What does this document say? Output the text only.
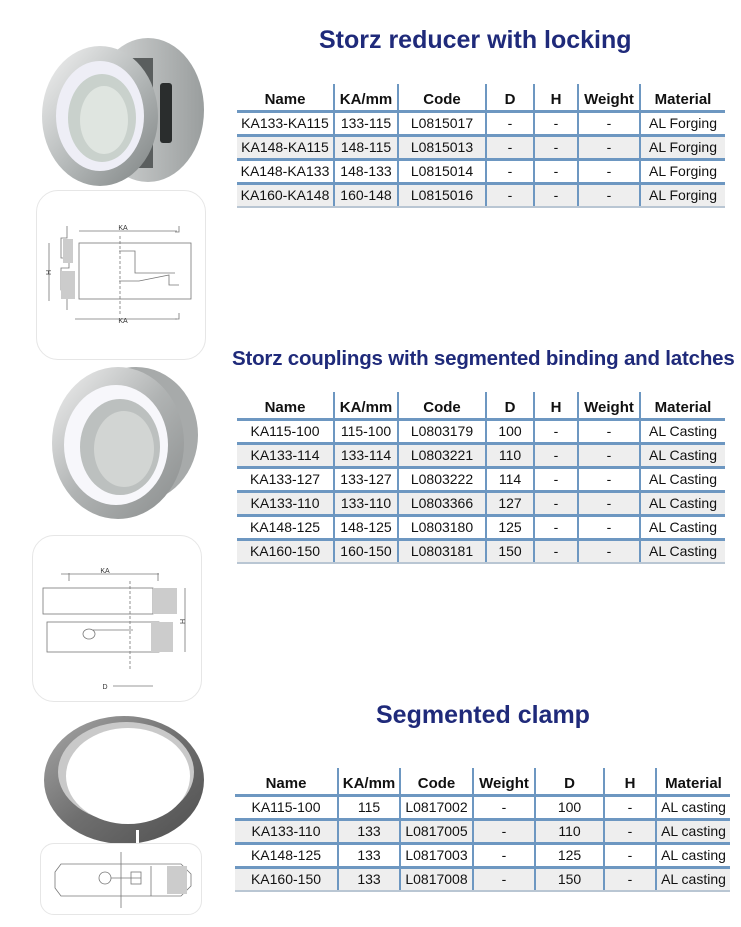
Storz reducer with locking
KA
KA
H
Name	KA/mm	Code	D	H	Weight	Material
KA133-KA115	133-115	L0815017	-	-	-	AL Forging
KA148-KA115	148-115	L0815013	-	-	-	AL Forging
KA148-KA133	148-133	L0815014	-	-	-	AL Forging
KA160-KA148	160-148	L0815016	-	-	-	AL Forging
Storz couplings with segmented binding and latches
KA
D
H
Name	KA/mm	Code	D	H	Weight	Material
KA115-100	115-100	L0803179	100	-	-	AL Casting
KA133-114	133-114	L0803221	110	-	-	AL Casting
KA133-127	133-127	L0803222	114	-	-	AL Casting
KA133-110	133-110	L0803366	127	-	-	AL Casting
KA148-125	148-125	L0803180	125	-	-	AL Casting
KA160-150	160-150	L0803181	150	-	-	AL Casting
Segmented clamp
Name	KA/mm	Code	Weight	D	H	Material
KA115-100	115	L0817002	-	100	-	AL casting
KA133-110	133	L0817005	-	110	-	AL casting
KA148-125	133	L0817003	-	125	-	AL casting
KA160-150	133	L0817008	-	150	-	AL casting
